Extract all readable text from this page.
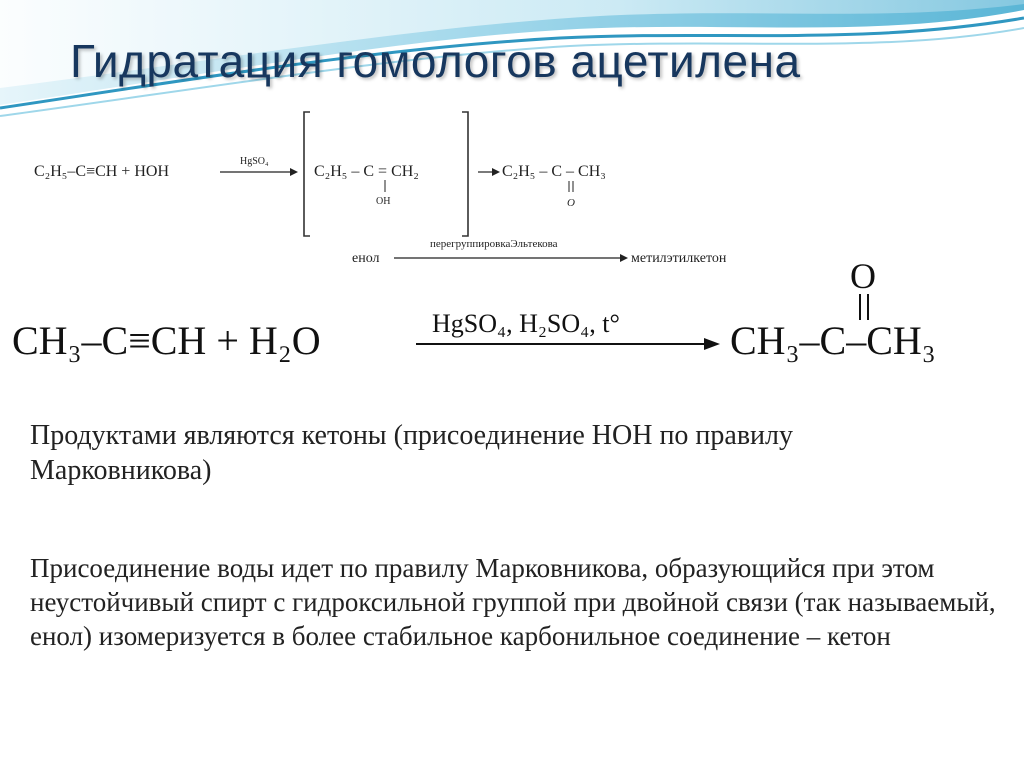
Гидратация гомологов ацетилена
C₂H₅–C≡CH + HOH
HgSO₄
C₂H₅ – C = CH₂
OH
C₂H₅ – C – CH₃
O
енол
перегруппировкаЭльтекова
метилэтилкетон
CH₃–C≡CH + H₂O	HgSO₄, H₂SO₄, t°	CH₃–C–CH₃
O

Продуктами являются кетоны (присоединение НОН по правилу Марковникова)

Присоединение воды идет по правилу Марковникова, образующийся при этом неустойчивый спирт с гидроксильной группой при двойной связи (так называемый, енол) изомеризуется в более стабильное карбонильное соединение – кетон
